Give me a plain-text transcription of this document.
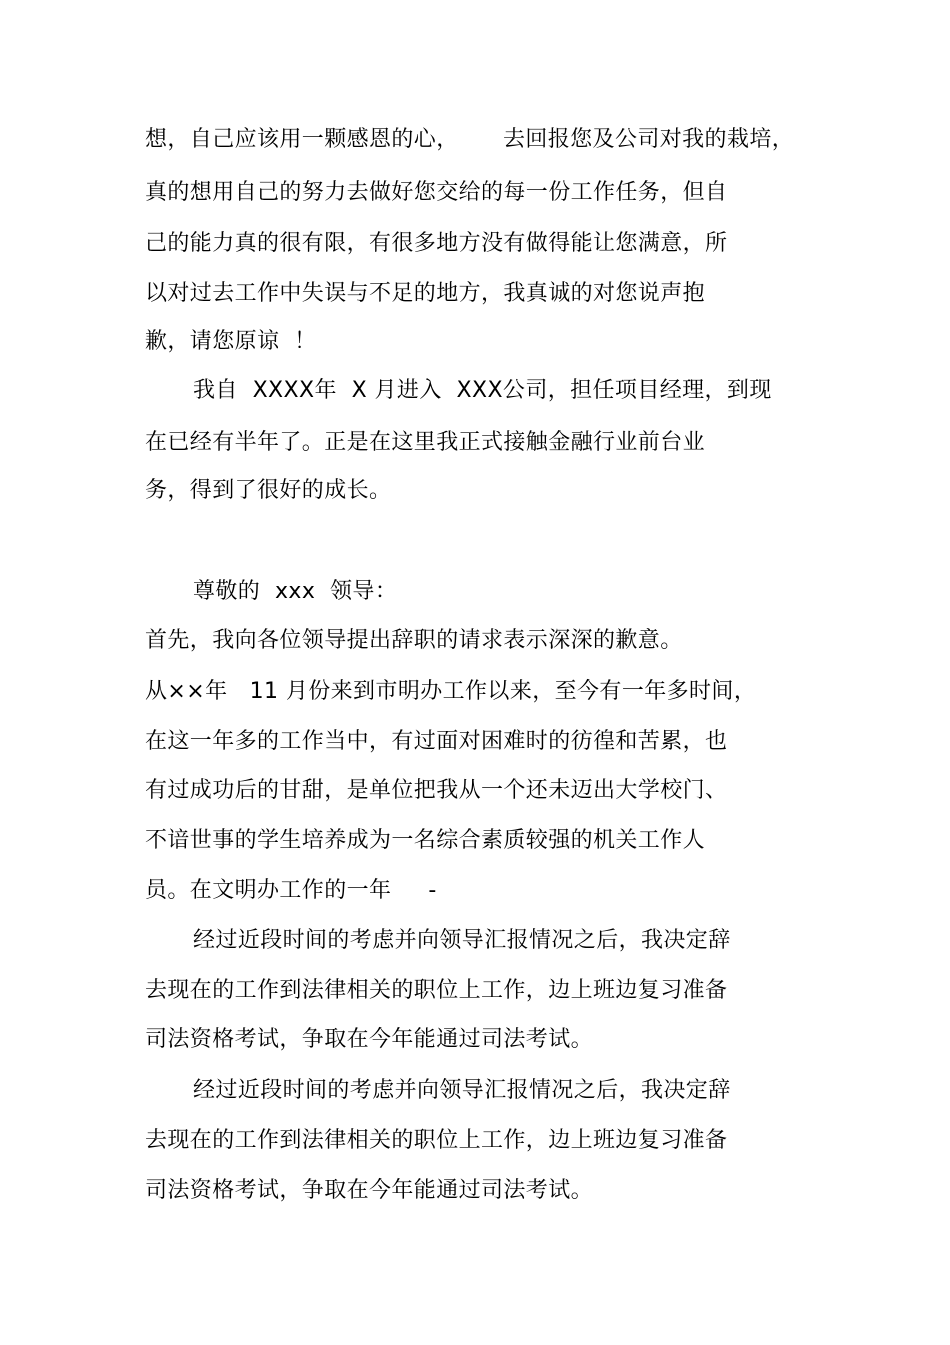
想，自己应该用一颗感恩的心，      去回报您及公司对我的栽培，
真的想用自己的努力去做好您交给的每一份工作任务，但自
己的能力真的很有限，有很多地方没有做得能让您满意，所
以对过去工作中失误与不足的地方，我真诚的对您说声抱
歉，请您原谅  ！
我自  XXXX年  X 月进入  XXX公司，担任项目经理，到现
在已经有半年了。正是在这里我正式接触金融行业前台业
务，得到了很好的成长。
尊敬的  xxx  领导：
首先，我向各位领导提出辞职的请求表示深深的歉意。
从××年   11 月份来到市明办工作以来，至今有一年多时间，
在这一年多的工作当中，有过面对困难时的彷徨和苦累，也
有过成功后的甘甜，是单位把我从一个还未迈出大学校门、
不谙世事的学生培养成为一名综合素质较强的机关工作人
员。在文明办工作的一年     -
经过近段时间的考虑并向领导汇报情况之后，我决定辞
去现在的工作到法律相关的职位上工作，边上班边复习准备
司法资格考试，争取在今年能通过司法考试。
经过近段时间的考虑并向领导汇报情况之后，我决定辞
去现在的工作到法律相关的职位上工作，边上班边复习准备
司法资格考试，争取在今年能通过司法考试。
